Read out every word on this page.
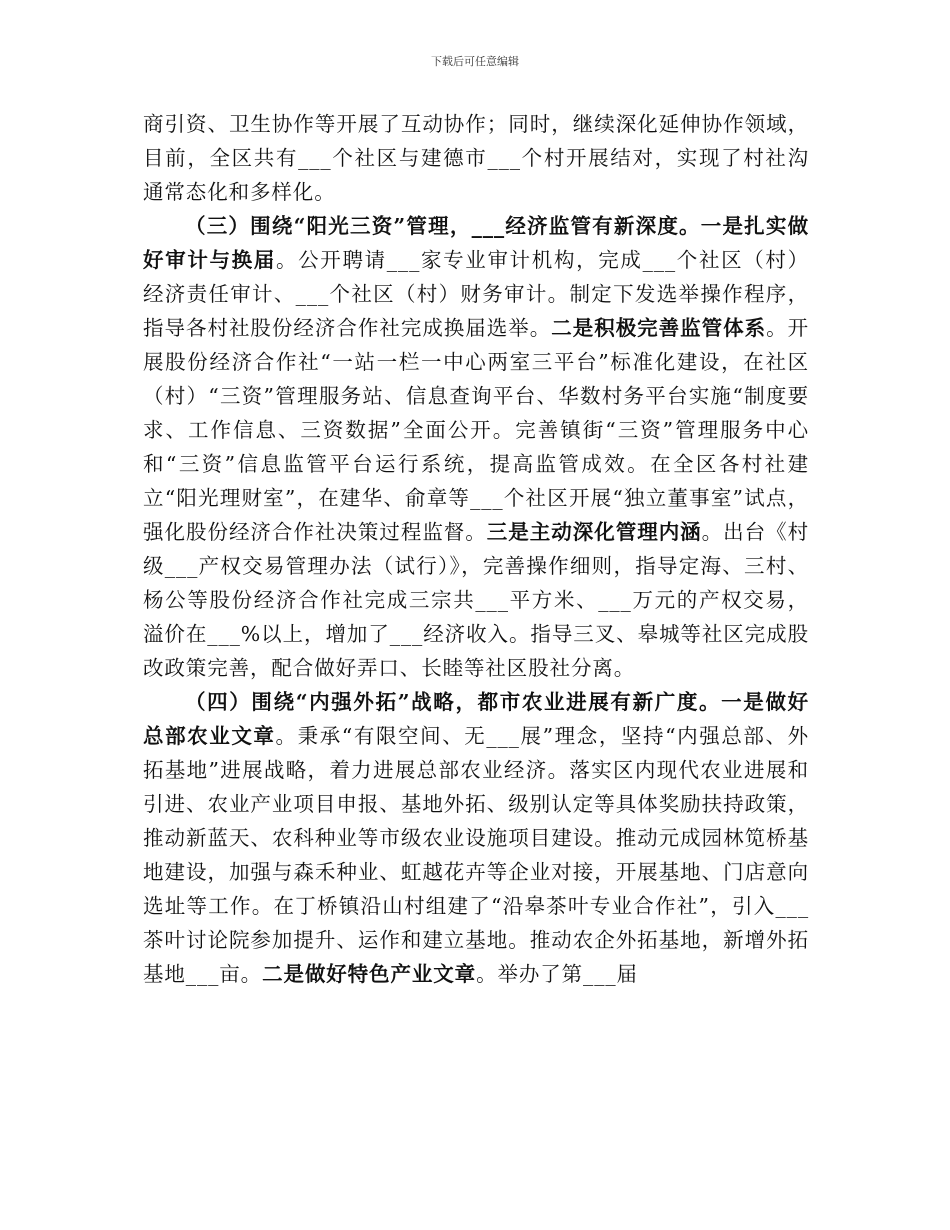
下载后可任意编辑

商引资、卫生协作等开展了互动协作；同时，继续深化延伸协作领域，目前，全区共有___个社区与建德市___个村开展结对，实现了村社沟通常态化和多样化。

（三）围绕“阳光三资”管理，___经济监管有新深度。一是扎实做好审计与换届。公开聘请___家专业审计机构，完成___个社区（村）经济责任审计、___个社区（村）财务审计。制定下发选举操作程序，指导各村社股份经济合作社完成换届选举。二是积极完善监管体系。开展股份经济合作社“一站一栏一中心两室三平台”标准化建设，在社区（村）“三资”管理服务站、信息查询平台、华数村务平台实施“制度要求、工作信息、三资数据”全面公开。完善镇街“三资”管理服务中心和“三资”信息监管平台运行系统，提高监管成效。在全区各村社建立“阳光理财室”，在建华、俞章等___个社区开展“独立董事室”试点，强化股份经济合作社决策过程监督。三是主动深化管理内涵。出台《村级___产权交易管理办法（试行）》，完善操作细则，指导定海、三村、杨公等股份经济合作社完成三宗共___平方米、___万元的产权交易，溢价在___%以上，增加了___经济收入。指导三叉、皋城等社区完成股改政策完善，配合做好弄口、长睦等社区股社分离。

（四）围绕“内强外拓”战略，都市农业进展有新广度。一是做好总部农业文章。秉承“有限空间、无___展”理念，坚持“内强总部、外拓基地”进展战略，着力进展总部农业经济。落实区内现代农业进展和引进、农业产业项目申报、基地外拓、级别认定等具体奖励扶持政策，推动新蓝天、农科种业等市级农业设施项目建设。推动元成园林笕桥基地建设，加强与森禾种业、虹越花卉等企业对接，开展基地、门店意向选址等工作。在丁桥镇沿山村组建了“沿皋茶叶专业合作社”，引入___茶叶讨论院参加提升、运作和建立基地。推动农企外拓基地，新增外拓基地___亩。二是做好特色产业文章。举办了第___届
